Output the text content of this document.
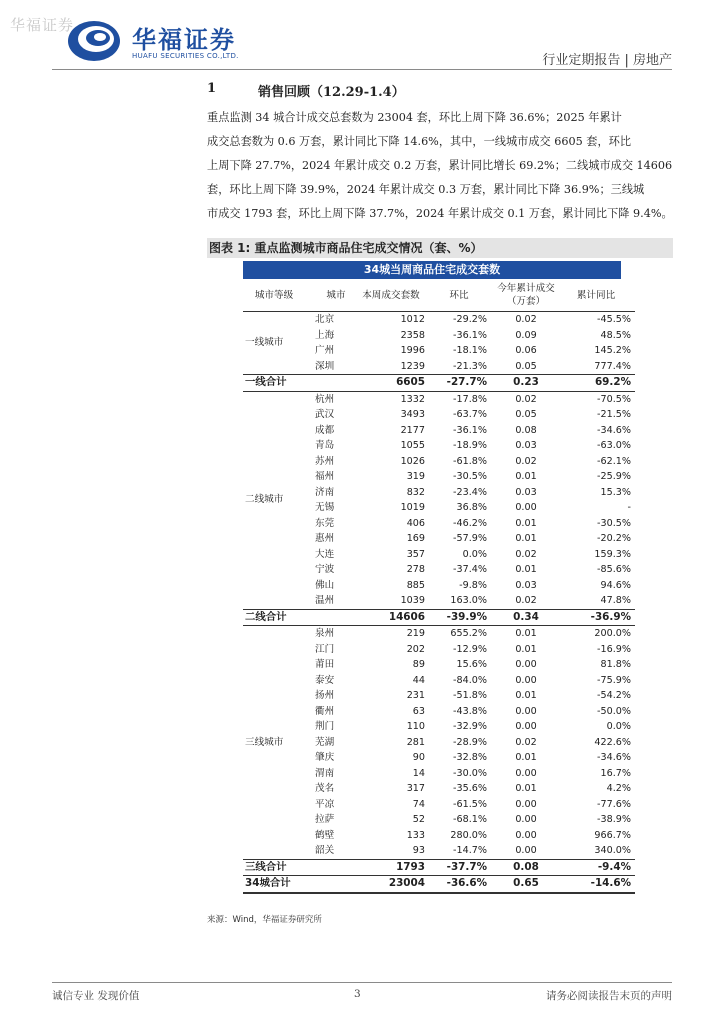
华福证券
华福证券
HUAFU SECURITIES CO.,LTD.	行业定期报告 | 房地产
1	销售回顾（12.29-1.4）
重点监测 34 城合计成交总套数为 23004 套，环比上周下降 36.6%；2025 年累计
成交总套数为 0.6 万套，累计同比下降 14.6%，其中，一线城市成交 6605 套，环比
上周下降 27.7%，2024 年累计成交 0.2 万套，累计同比增长 69.2%；二线城市成交 14606
套，环比上周下降 39.9%，2024 年累计成交 0.3 万套，累计同比下降 36.9%；三线城
市成交 1793 套，环比上周下降 37.7%，2024 年累计成交 0.1 万套，累计同比下降 9.4%。
图表 1: 重点监测城市商品住宅成交情况（套、%）
34城当周商品住宅成交套数
城市等级	城市	本周成交套数	环比	今年累计成交（万套）	累计同比
一线城市	北京	1012	-29.2%	0.02	-45.5%
	上海	2358	-36.1%	0.09	48.5%
	广州	1996	-18.1%	0.06	145.2%
	深圳	1239	-21.3%	0.05	777.4%
一线合计		6605	-27.7%	0.23	69.2%
二线城市	杭州	1332	-17.8%	0.02	-70.5%
	武汉	3493	-63.7%	0.05	-21.5%
	成都	2177	-36.1%	0.08	-34.6%
	青岛	1055	-18.9%	0.03	-63.0%
	苏州	1026	-61.8%	0.02	-62.1%
	福州	319	-30.5%	0.01	-25.9%
	济南	832	-23.4%	0.03	15.3%
	无锡	1019	36.8%	0.00	-
	东莞	406	-46.2%	0.01	-30.5%
	惠州	169	-57.9%	0.01	-20.2%
	大连	357	0.0%	0.02	159.3%
	宁波	278	-37.4%	0.01	-85.6%
	佛山	885	-9.8%	0.03	94.6%
	温州	1039	163.0%	0.02	47.8%
二线合计		14606	-39.9%	0.34	-36.9%
三线城市	泉州	219	655.2%	0.01	200.0%
	江门	202	-12.9%	0.01	-16.9%
	莆田	89	15.6%	0.00	81.8%
	泰安	44	-84.0%	0.00	-75.9%
	扬州	231	-51.8%	0.01	-54.2%
	衢州	63	-43.8%	0.00	-50.0%
	荆门	110	-32.9%	0.00	0.0%
	芜湖	281	-28.9%	0.02	422.6%
	肇庆	90	-32.8%	0.01	-34.6%
	渭南	14	-30.0%	0.00	16.7%
	茂名	317	-35.6%	0.01	4.2%
	平凉	74	-61.5%	0.00	-77.6%
	拉萨	52	-68.1%	0.00	-38.9%
	鹤壁	133	280.0%	0.00	966.7%
	韶关	93	-14.7%	0.00	340.0%
三线合计		1793	-37.7%	0.08	-9.4%
34城合计		23004	-36.6%	0.65	-14.6%
来源：Wind，华福证券研究所
诚信专业 发现价值	3	请务必阅读报告末页的声明
